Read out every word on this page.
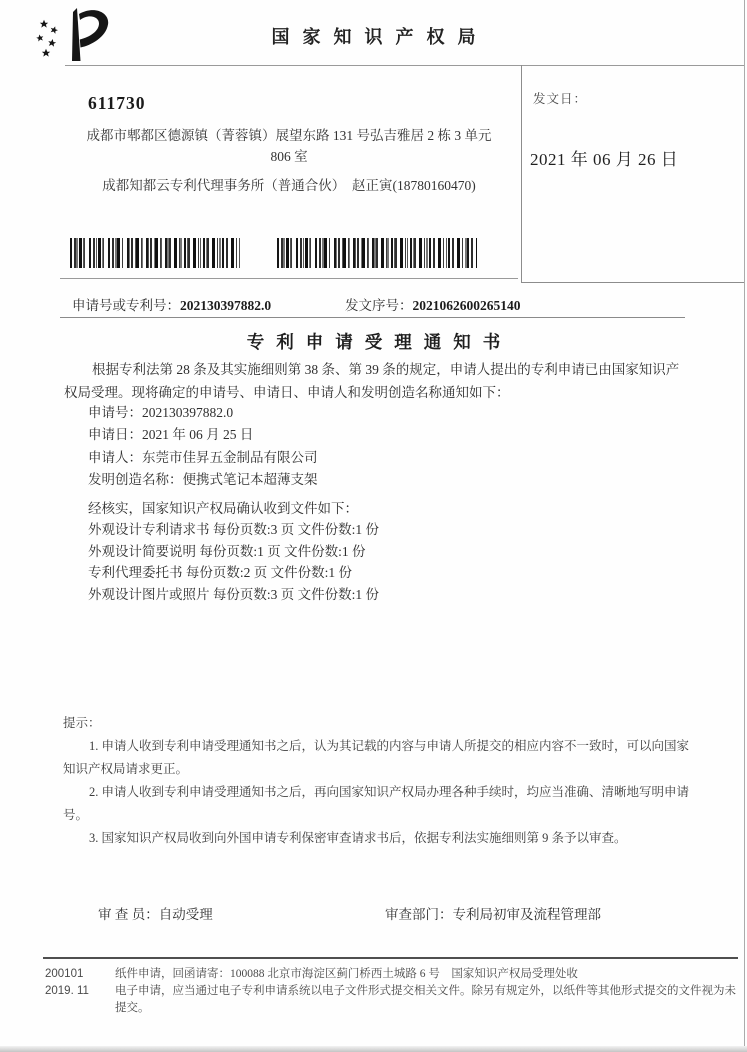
国家知识产权局
发文日：
2021 年 06 月 26 日
611730
成都市郫都区德源镇（菁蓉镇）展望东路 131 号弘吉雅居 2 栋 3 单元
806 室
成都知都云专利代理事务所（普通合伙）　赵正寅(18780160470)
申请号或专利号：202130397882.0	发文序号：2021062600265140
专利申请受理通知书

根据专利法第 28 条及其实施细则第 38 条、第 39 条的规定，申请人提出的专利申请已由国家知识产权局受理。现将确定的申请号、申请日、申请人和发明创造名称通知如下：

申请号：202130397882.0
申请日：2021 年 06 月 25 日
申请人：东莞市佳昇五金制品有限公司
发明创造名称：便携式笔记本超薄支架

经核实，国家知识产权局确认收到文件如下：

外观设计专利请求书 每份页数:3 页 文件份数:1 份
外观设计简要说明 每份页数:1 页 文件份数:1 份
专利代理委托书 每份页数:2 页 文件份数:1 份
外观设计图片或照片 每份页数:3 页 文件份数:1 份
提示：

1. 申请人收到专利申请受理通知书之后，认为其记载的内容与申请人所提交的相应内容不一致时，可以向国家知识产权局请求更正。

2. 申请人收到专利申请受理通知书之后，再向国家知识产权局办理各种手续时，均应当准确、清晰地写明申请号。

3. 国家知识产权局收到向外国申请专利保密审查请求书后，依据专利法实施细则第 9 条予以审查。

审 查 员：自动受理	审查部门：专利局初审及流程管理部
200101
2019. 11

纸件申请，回函请寄：100088 北京市海淀区蓟门桥西土城路 6 号　国家知识产权局受理处收

电子申请，应当通过电子专利申请系统以电子文件形式提交相关文件。除另有规定外，以纸件等其他形式提交的文件视为未提交。
